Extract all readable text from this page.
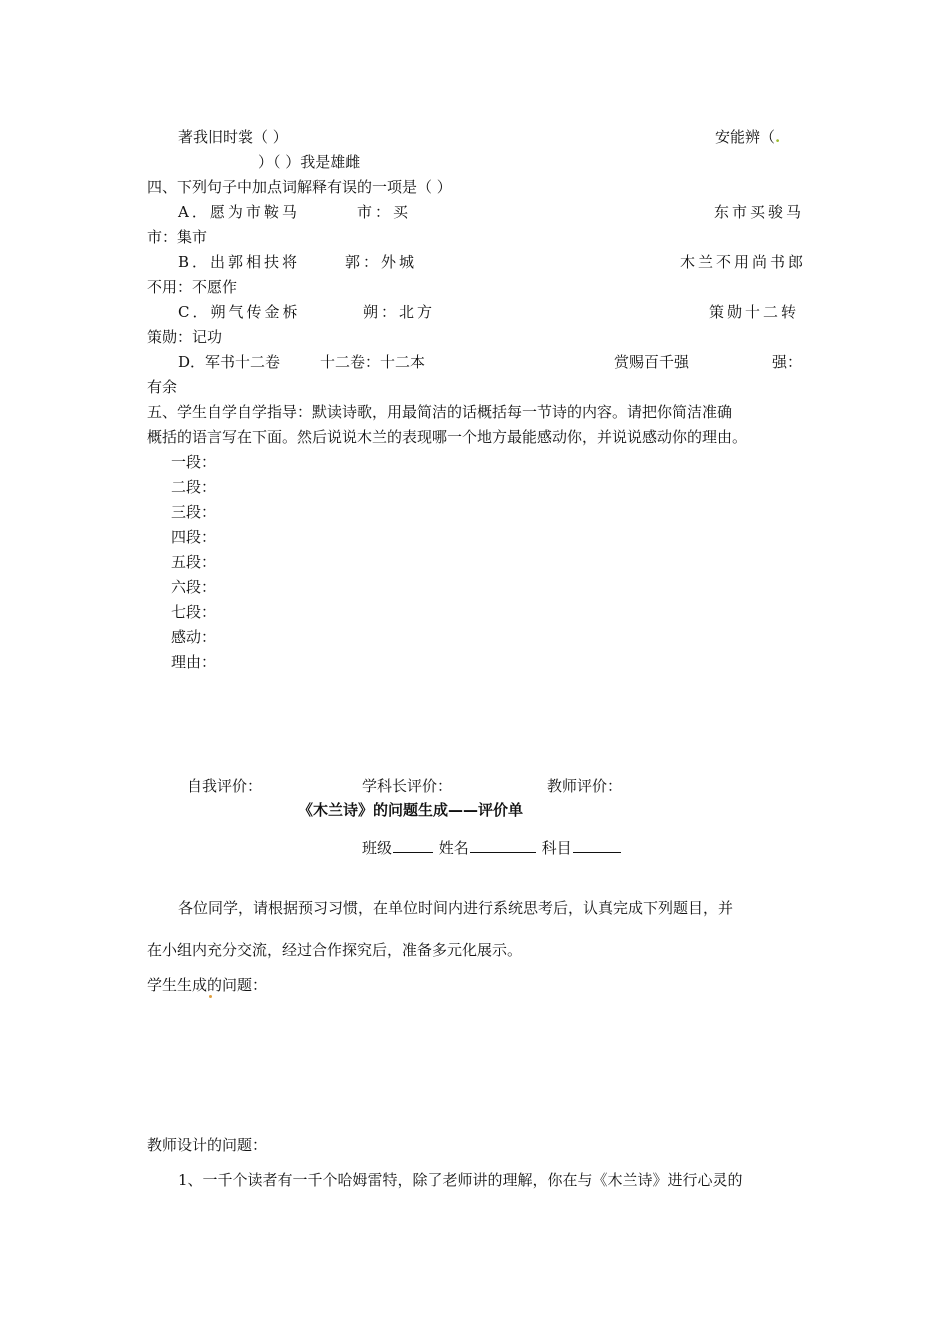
著我旧时裳（ ）	安能辨（.
）（ ）我是雄雌
四、下列句子中加点词解释有误的一项是（ ）
A．愿为市鞍马	市：买	东市买骏马
市：集市
B．出郭相扶将	郭：外城	木兰不用尚书郎
不用：不愿作
C．朔气传金柝	朔：北方	策勋十二转
策勋：记功
D．军书十二卷	十二卷：十二本	赏赐百千强	强：
有余
五、学生自学自学指导：默读诗歌，用最简洁的话概括每一节诗的内容。请把你简洁准确
概括的语言写在下面。然后说说木兰的表现哪一个地方最能感动你，并说说感动你的理由。
一段：
二段：
三段：
四段：
五段：
六段：
七段：
感动：
理由：
自我评价：	学科长评价：	教师评价：
《木兰诗》的问题生成——评价单
班级	姓名	科目
各位同学，请根据预习习惯，在单位时间内进行系统思考后，认真完成下列题目，并
在小组内充分交流，经过合作探究后，准备多元化展示。
学生生成的
问题：
教师设计的问题：
1、一千个读者有一千个哈姆雷特，除了老师讲的理解，你在与《木兰诗》进行心灵的
